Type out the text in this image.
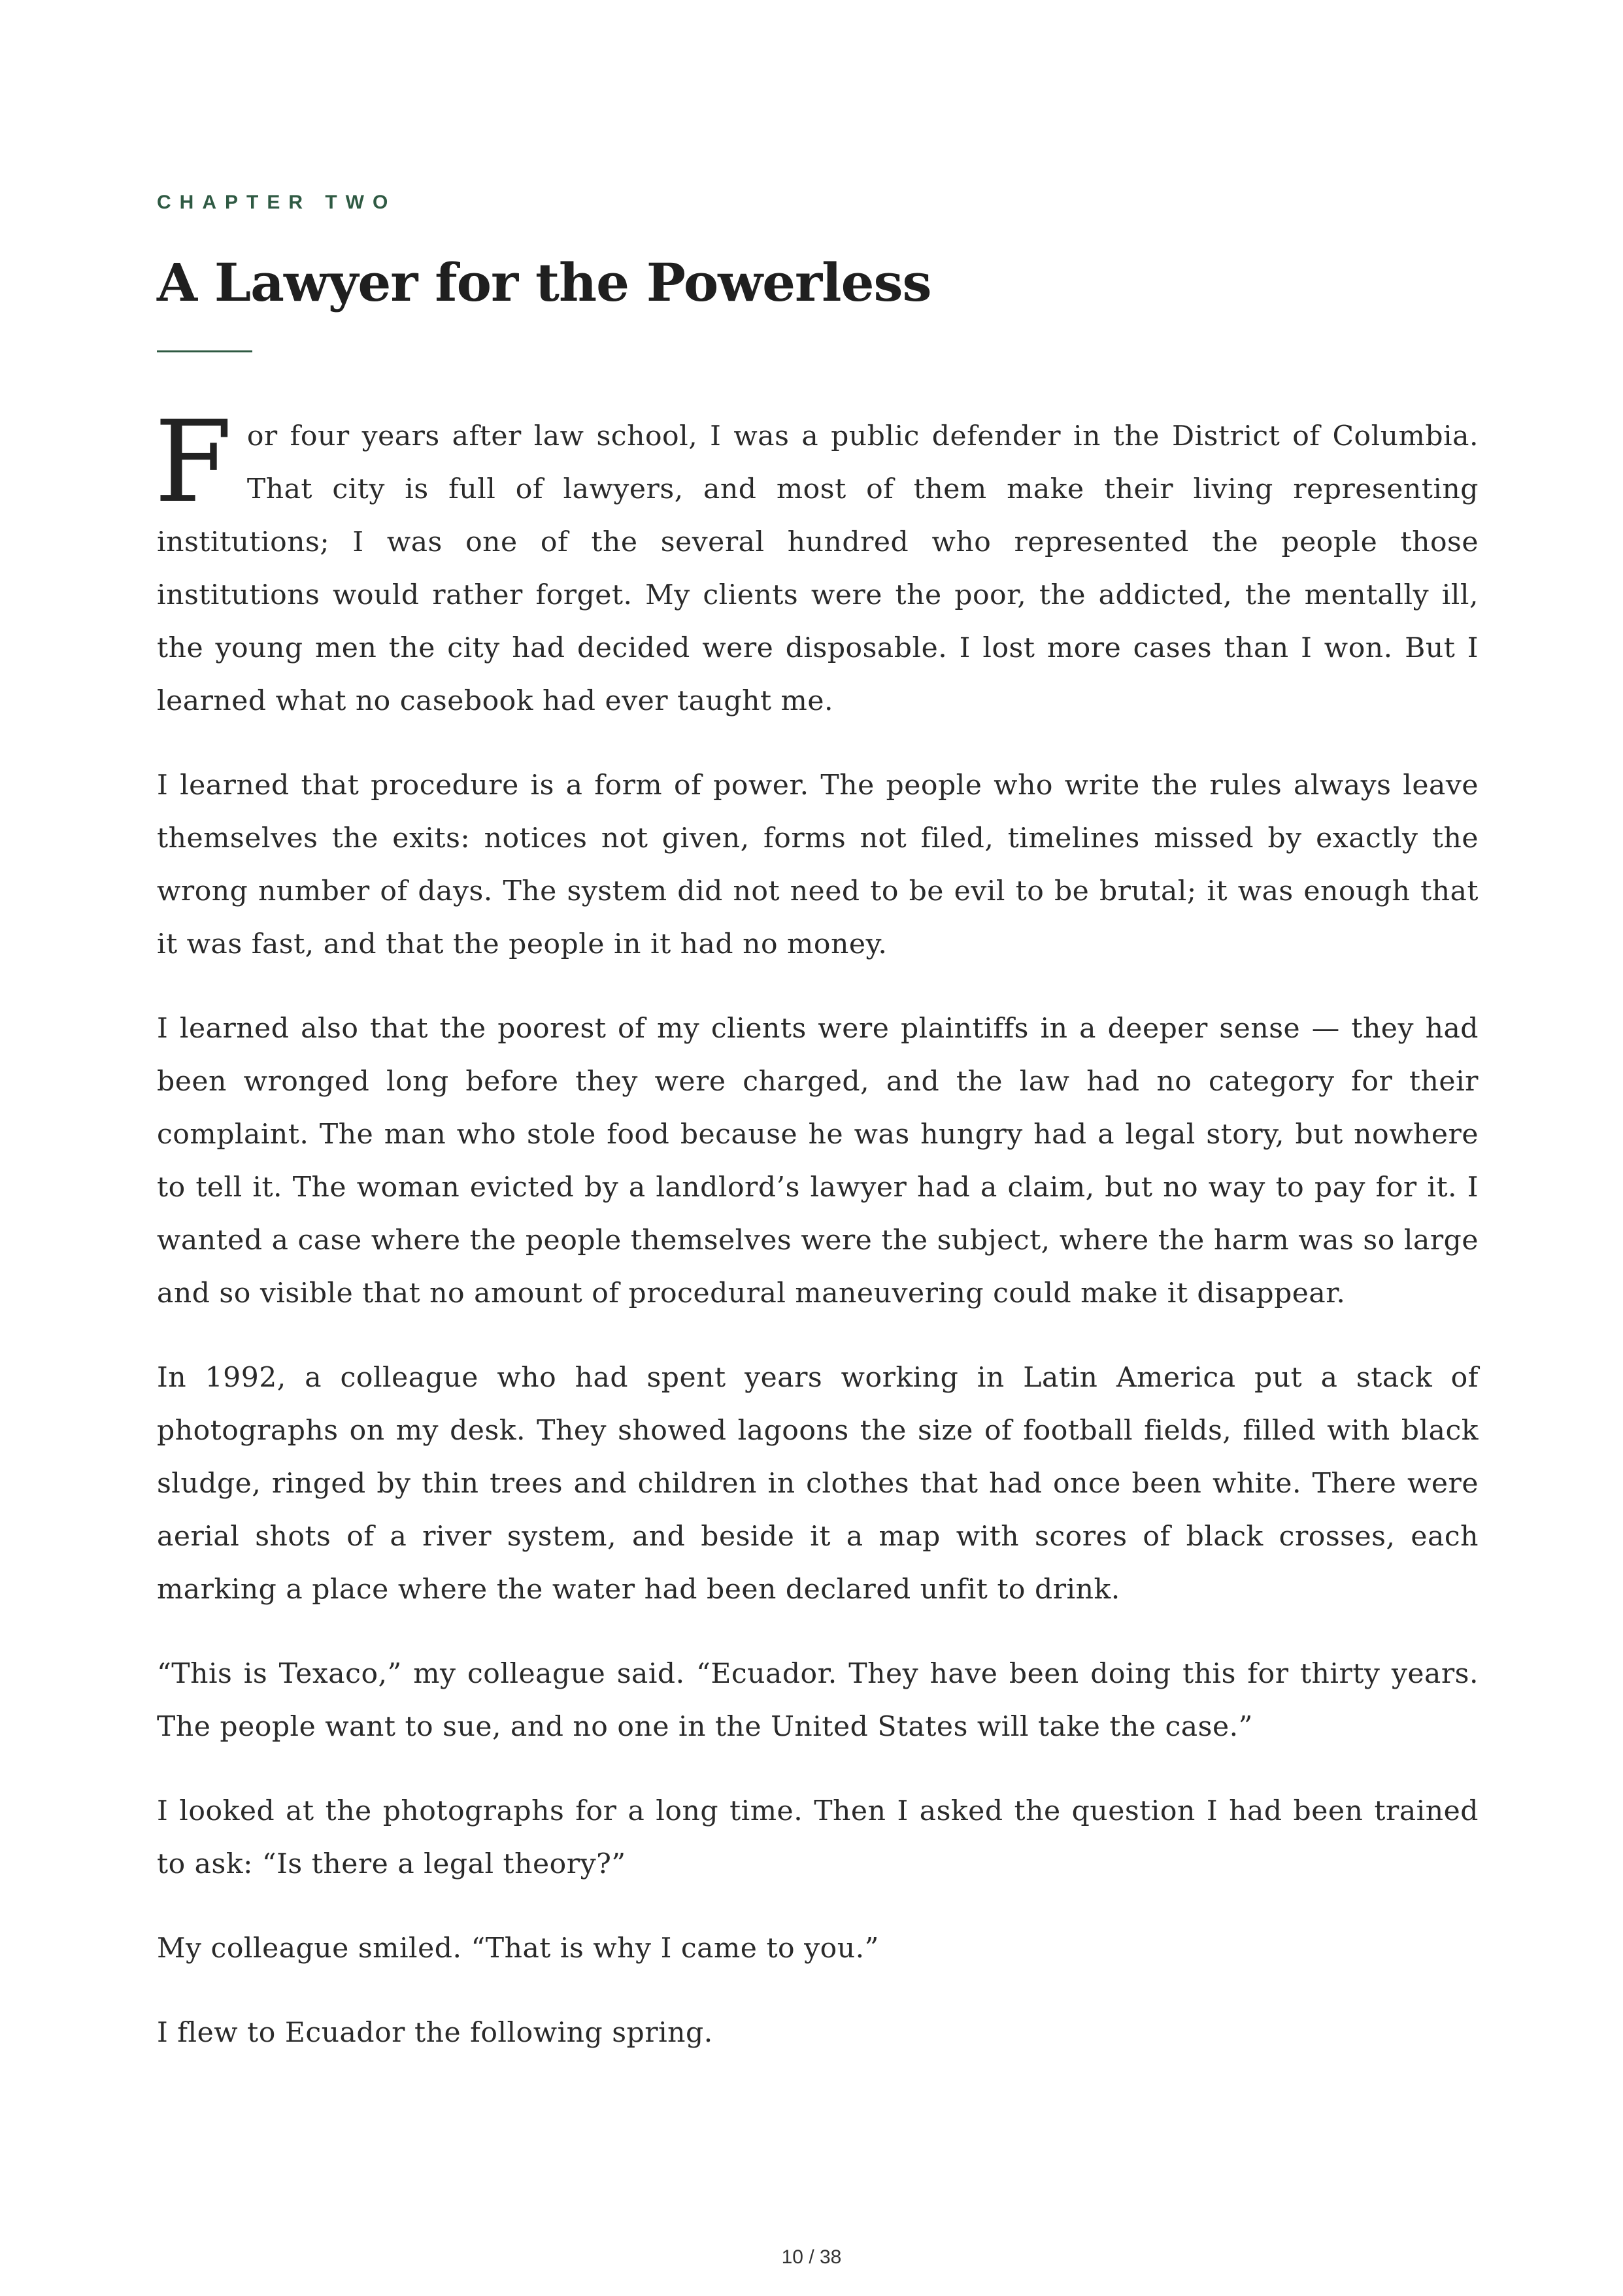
CHAPTER TWO
A Lawyer for the Powerless

For four years after law school, I was a public defender in the District of Columbia. That city is full of lawyers, and most of them make their living representing institutions; I was one of the several hundred who represented the people those institutions would rather forget. My clients were the poor, the addicted, the mentally ill, the young men the city had decided were disposable. I lost more cases than I won. But I learned what no casebook had ever taught me.

I learned that procedure is a form of power. The people who write the rules always leave themselves the exits: notices not given, forms not filed, timelines missed by exactly the wrong number of days. The system did not need to be evil to be brutal; it was enough that it was fast, and that the people in it had no money.

I learned also that the poorest of my clients were plaintiffs in a deeper sense — they had been wronged long before they were charged, and the law had no category for their complaint. The man who stole food because he was hungry had a legal story, but nowhere to tell it. The woman evicted by a landlord’s lawyer had a claim, but no way to pay for it. I wanted a case where the people themselves were the subject, where the harm was so large and so visible that no amount of procedural maneuvering could make it disappear.

In 1992, a colleague who had spent years working in Latin America put a stack of photographs on my desk. They showed lagoons the size of football fields, filled with black sludge, ringed by thin trees and children in clothes that had once been white. There were aerial shots of a river system, and beside it a map with scores of black crosses, each marking a place where the water had been declared unfit to drink.

“This is Texaco,” my colleague said. “Ecuador. They have been doing this for thirty years. The people want to sue, and no one in the United States will take the case.”

I looked at the photographs for a long time. Then I asked the question I had been trained to ask: “Is there a legal theory?”

My colleague smiled. “That is why I came to you.”

I flew to Ecuador the following spring.

10 / 38
